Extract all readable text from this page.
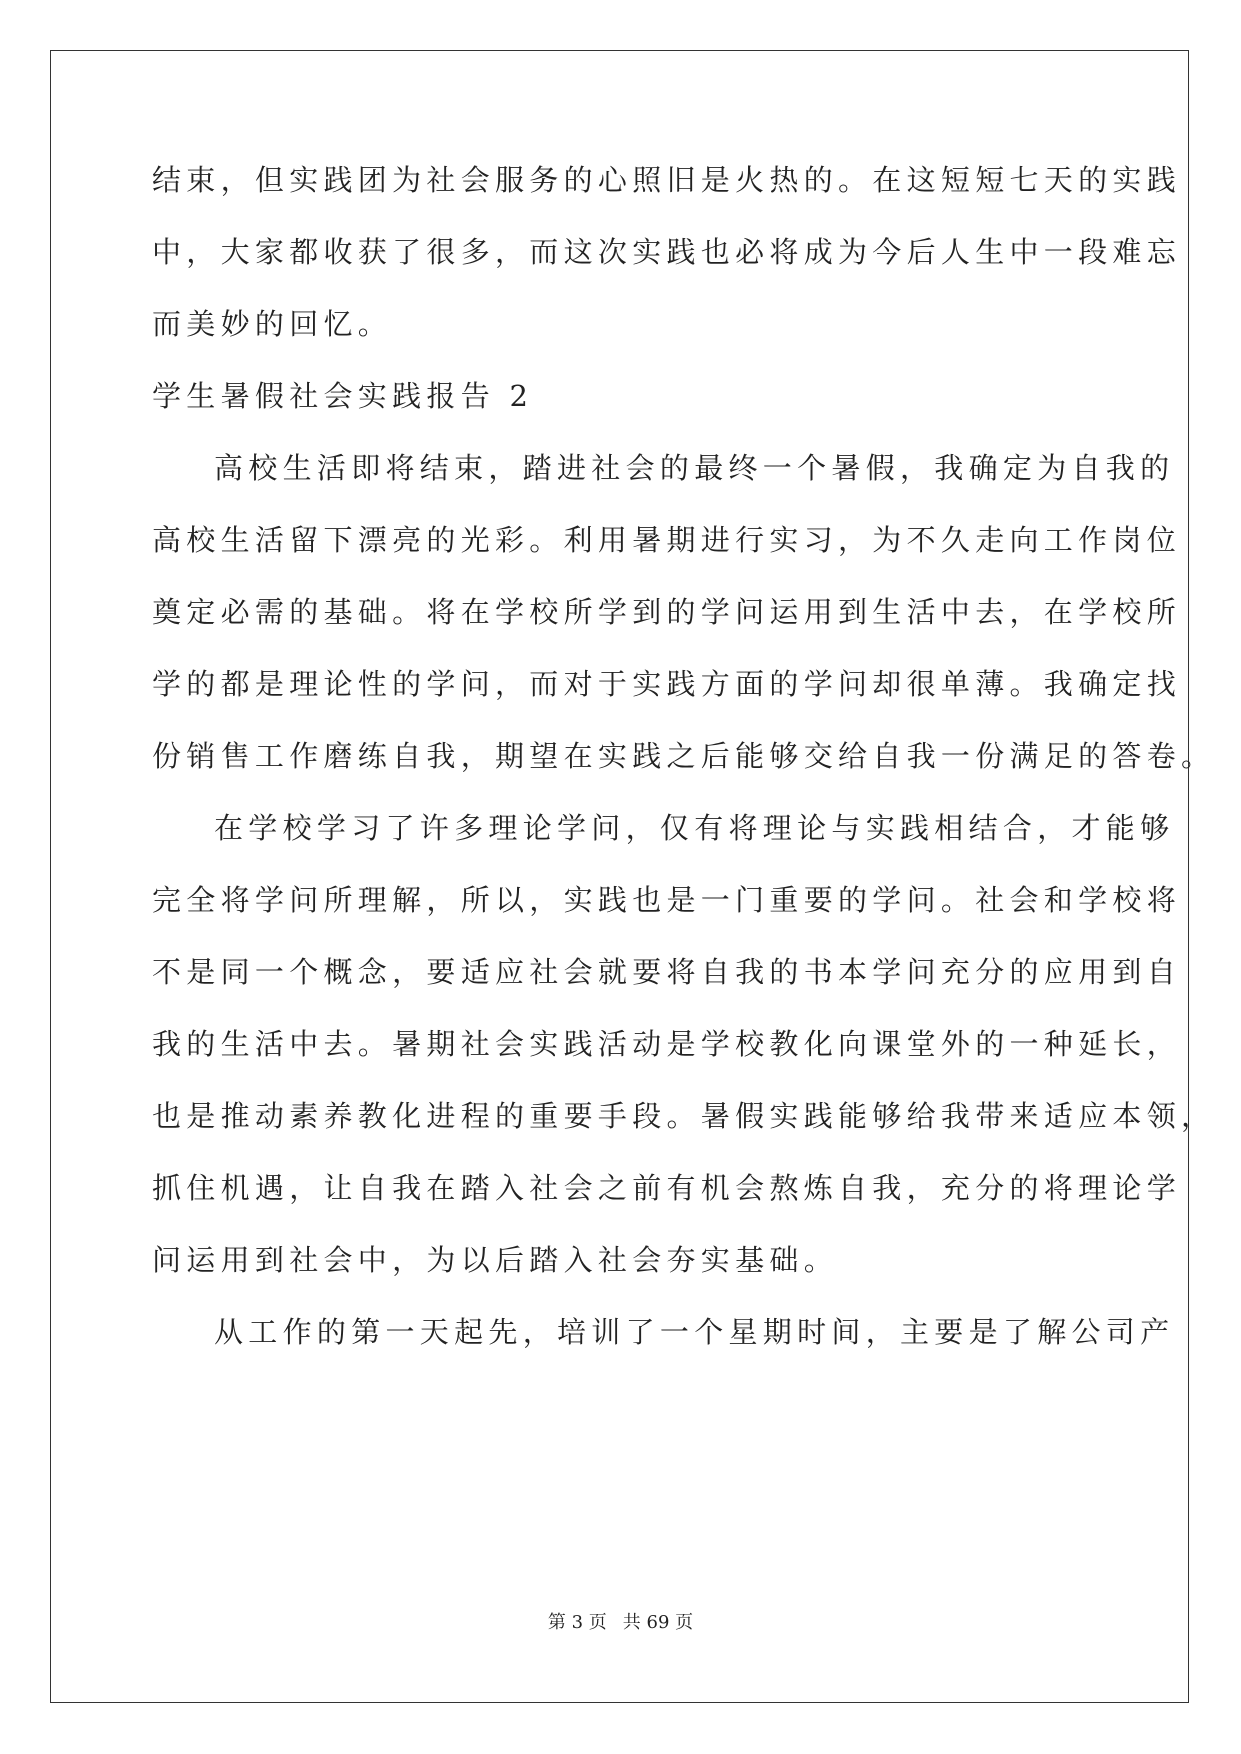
结束，但实践团为社会服务的心照旧是火热的。在这短短七天的实践
中，大家都收获了很多，而这次实践也必将成为今后人生中一段难忘
而美妙的回忆。
学生暑假社会实践报告 2
高校生活即将结束，踏进社会的最终一个暑假，我确定为自我的
高校生活留下漂亮的光彩。利用暑期进行实习，为不久走向工作岗位
奠定必需的基础。将在学校所学到的学问运用到生活中去，在学校所
学的都是理论性的学问，而对于实践方面的学问却很单薄。我确定找
份销售工作磨练自我，期望在实践之后能够交给自我一份满足的答卷。
在学校学习了许多理论学问，仅有将理论与实践相结合，才能够
完全将学问所理解，所以，实践也是一门重要的学问。社会和学校将
不是同一个概念，要适应社会就要将自我的书本学问充分的应用到自
我的生活中去。暑期社会实践活动是学校教化向课堂外的一种延长，
也是推动素养教化进程的重要手段。暑假实践能够给我带来适应本领，
抓住机遇，让自我在踏入社会之前有机会熬炼自我，充分的将理论学
问运用到社会中，为以后踏入社会夯实基础。
从工作的第一天起先，培训了一个星期时间，主要是了解公司产
第 3 页 共 69 页
